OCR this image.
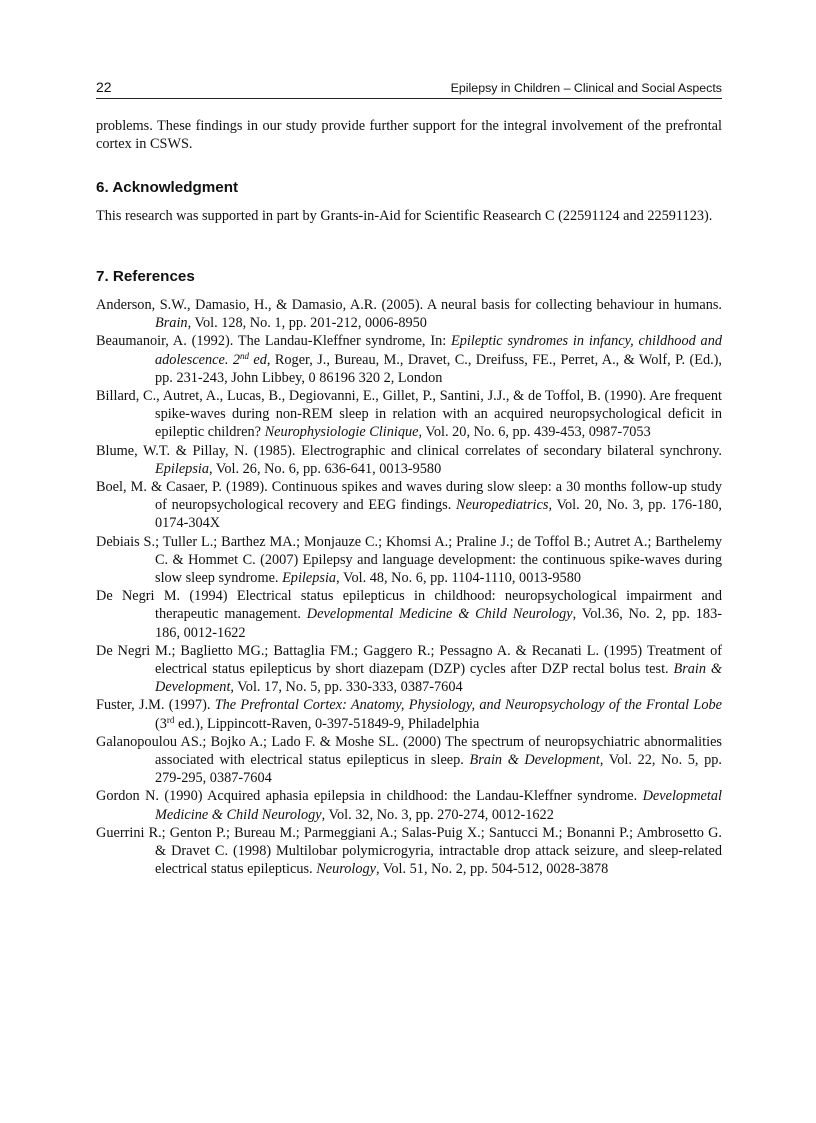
22	Epilepsy in Children – Clinical and Social Aspects

problems. These findings in our study provide further support for the integral involvement of the prefrontal cortex in CSWS.

6. Acknowledgment

This research was supported in part by Grants-in-Aid for Scientific Reasearch C (22591124 and 22591123).

7. References
Anderson, S.W., Damasio, H., & Damasio, A.R. (2005). A neural basis for collecting behaviour in humans. Brain, Vol. 128, No. 1, pp. 201-212, 0006-8950
Beaumanoir, A. (1992). The Landau-Kleffner syndrome, In: Epileptic syndromes in infancy, childhood and adolescence. 2nd ed, Roger, J., Bureau, M., Dravet, C., Dreifuss, FE., Perret, A., & Wolf, P. (Ed.), pp. 231-243, John Libbey, 0 86196 320 2, London
Billard, C., Autret, A., Lucas, B., Degiovanni, E., Gillet, P., Santini, J.J., & de Toffol, B. (1990). Are frequent spike-waves during non-REM sleep in relation with an acquired neuropsychological deficit in epileptic children? Neurophysiologie Clinique, Vol. 20, No. 6, pp. 439-453, 0987-7053
Blume, W.T. & Pillay, N. (1985). Electrographic and clinical correlates of secondary bilateral synchrony. Epilepsia, Vol. 26, No. 6, pp. 636-641, 0013-9580
Boel, M. & Casaer, P. (1989). Continuous spikes and waves during slow sleep: a 30 months follow-up study of neuropsychological recovery and EEG findings. Neuropediatrics, Vol. 20, No. 3, pp. 176-180, 0174-304X
Debiais S.; Tuller L.; Barthez MA.; Monjauze C.; Khomsi A.; Praline J.; de Toffol B.; Autret A.; Barthelemy C. & Hommet C. (2007) Epilepsy and language development: the continuous spike-waves during slow sleep syndrome. Epilepsia, Vol. 48, No. 6, pp. 1104-1110, 0013-9580
De Negri M. (1994) Electrical status epilepticus in childhood: neuropsychological impairment and therapeutic management. Developmental Medicine & Child Neurology, Vol.36, No. 2, pp. 183-186, 0012-1622
De Negri M.; Baglietto MG.; Battaglia FM.; Gaggero R.; Pessagno A. & Recanati L. (1995) Treatment of electrical status epilepticus by short diazepam (DZP) cycles after DZP rectal bolus test. Brain & Development, Vol. 17, No. 5, pp. 330-333, 0387-7604
Fuster, J.M. (1997). The Prefrontal Cortex: Anatomy, Physiology, and Neuropsychology of the Frontal Lobe (3rd ed.), Lippincott-Raven, 0-397-51849-9, Philadelphia
Galanopoulou AS.; Bojko A.; Lado F. & Moshe SL. (2000) The spectrum of neuropsychiatric abnormalities associated with electrical status epilepticus in sleep. Brain & Development, Vol. 22, No. 5, pp. 279-295, 0387-7604
Gordon N. (1990) Acquired aphasia epilepsia in childhood: the Landau-Kleffner syndrome. Developmetal Medicine & Child Neurology, Vol. 32, No. 3, pp. 270-274, 0012-1622
Guerrini R.; Genton P.; Bureau M.; Parmeggiani A.; Salas-Puig X.; Santucci M.; Bonanni P.; Ambrosetto G. & Dravet C. (1998) Multilobar polymicrogyria, intractable drop attack seizure, and sleep-related electrical status epilepticus. Neurology, Vol. 51, No. 2, pp. 504-512, 0028-3878
